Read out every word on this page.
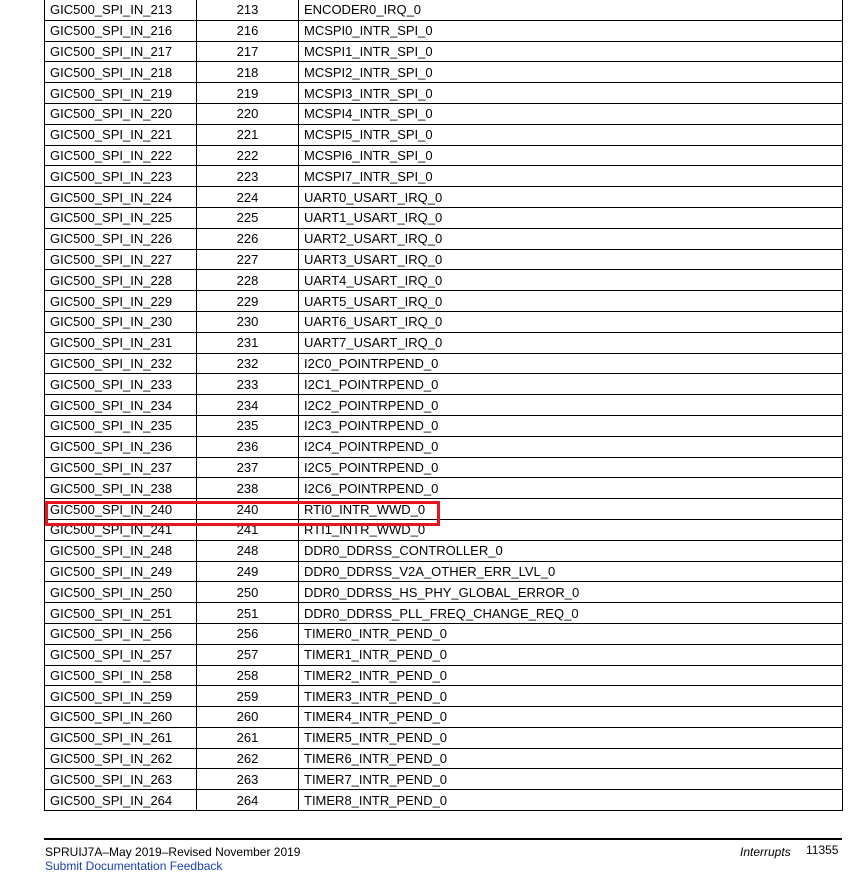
GIC500_SPI_IN_213	213	ENCODER0_IRQ_0
GIC500_SPI_IN_216	216	MCSPI0_INTR_SPI_0
GIC500_SPI_IN_217	217	MCSPI1_INTR_SPI_0
GIC500_SPI_IN_218	218	MCSPI2_INTR_SPI_0
GIC500_SPI_IN_219	219	MCSPI3_INTR_SPI_0
GIC500_SPI_IN_220	220	MCSPI4_INTR_SPI_0
GIC500_SPI_IN_221	221	MCSPI5_INTR_SPI_0
GIC500_SPI_IN_222	222	MCSPI6_INTR_SPI_0
GIC500_SPI_IN_223	223	MCSPI7_INTR_SPI_0
GIC500_SPI_IN_224	224	UART0_USART_IRQ_0
GIC500_SPI_IN_225	225	UART1_USART_IRQ_0
GIC500_SPI_IN_226	226	UART2_USART_IRQ_0
GIC500_SPI_IN_227	227	UART3_USART_IRQ_0
GIC500_SPI_IN_228	228	UART4_USART_IRQ_0
GIC500_SPI_IN_229	229	UART5_USART_IRQ_0
GIC500_SPI_IN_230	230	UART6_USART_IRQ_0
GIC500_SPI_IN_231	231	UART7_USART_IRQ_0
GIC500_SPI_IN_232	232	I2C0_POINTRPEND_0
GIC500_SPI_IN_233	233	I2C1_POINTRPEND_0
GIC500_SPI_IN_234	234	I2C2_POINTRPEND_0
GIC500_SPI_IN_235	235	I2C3_POINTRPEND_0
GIC500_SPI_IN_236	236	I2C4_POINTRPEND_0
GIC500_SPI_IN_237	237	I2C5_POINTRPEND_0
GIC500_SPI_IN_238	238	I2C6_POINTRPEND_0
GIC500_SPI_IN_240	240	RTI0_INTR_WWD_0
GIC500_SPI_IN_241	241	RTI1_INTR_WWD_0
GIC500_SPI_IN_248	248	DDR0_DDRSS_CONTROLLER_0
GIC500_SPI_IN_249	249	DDR0_DDRSS_V2A_OTHER_ERR_LVL_0
GIC500_SPI_IN_250	250	DDR0_DDRSS_HS_PHY_GLOBAL_ERROR_0
GIC500_SPI_IN_251	251	DDR0_DDRSS_PLL_FREQ_CHANGE_REQ_0
GIC500_SPI_IN_256	256	TIMER0_INTR_PEND_0
GIC500_SPI_IN_257	257	TIMER1_INTR_PEND_0
GIC500_SPI_IN_258	258	TIMER2_INTR_PEND_0
GIC500_SPI_IN_259	259	TIMER3_INTR_PEND_0
GIC500_SPI_IN_260	260	TIMER4_INTR_PEND_0
GIC500_SPI_IN_261	261	TIMER5_INTR_PEND_0
GIC500_SPI_IN_262	262	TIMER6_INTR_PEND_0
GIC500_SPI_IN_263	263	TIMER7_INTR_PEND_0
GIC500_SPI_IN_264	264	TIMER8_INTR_PEND_0
SPRUIJ7A–May 2019–Revised November 2019
Submit Documentation Feedback
Interrupts 11355
